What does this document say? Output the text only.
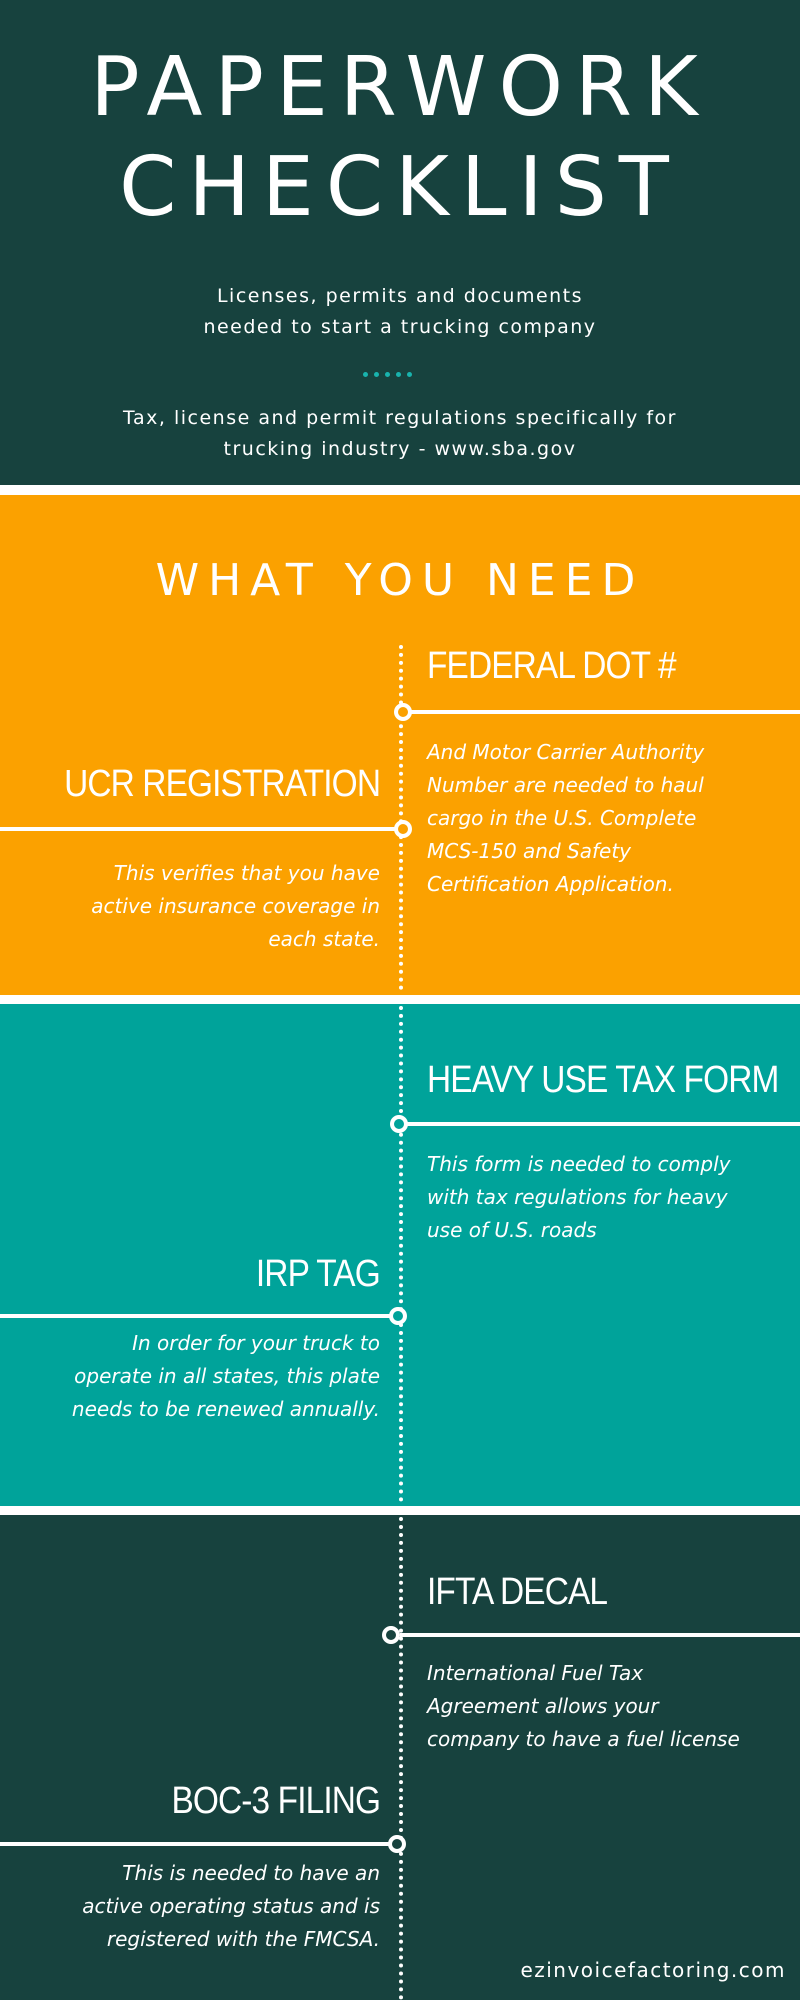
PAPERWORK
CHECKLIST
Licenses, permits and documents
needed to start a trucking company
Tax, license and permit regulations specifically for
trucking industry - www.sba.gov
WHAT YOU NEED
FEDERAL DOT #
And Motor Carrier Authority
Number are needed to haul
cargo in the U.S. Complete
MCS-150 and Safety
Certification Application.
UCR REGISTRATION
This verifies that you have
active insurance coverage in
each state.
HEAVY USE TAX FORM
This form is needed to comply
with tax regulations for heavy
use of U.S. roads
IRP TAG
In order for your truck to
operate in all states, this plate
needs to be renewed annually.
IFTA DECAL
International Fuel Tax
Agreement allows your
company to have a fuel license
BOC-3 FILING
This is needed to have an
active operating status and is
registered with the FMCSA.
ezinvoicefactoring.com
